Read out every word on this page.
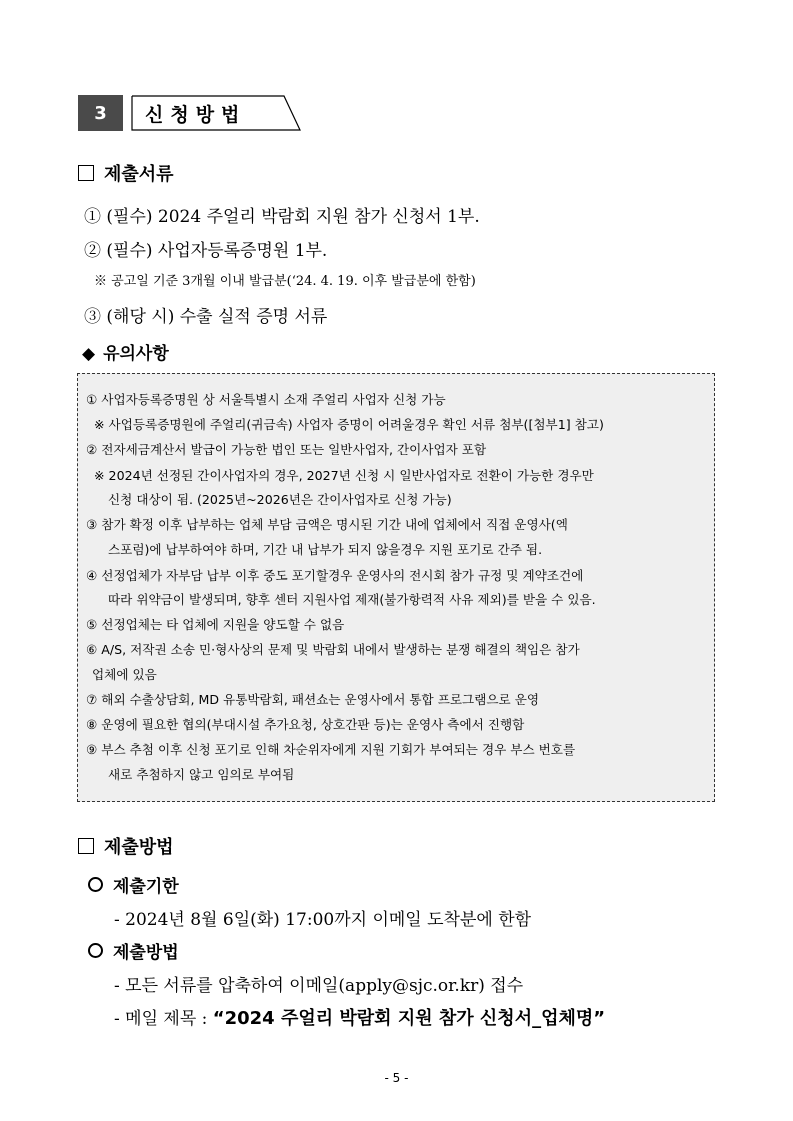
3	신청방법
제출서류
① (필수) 2024 주얼리 박람회 지원 참가 신청서 1부.
② (필수) 사업자등록증명원 1부.
※ 공고일 기준 3개월 이내 발급분(‘24. 4. 19. 이후 발급분에 한함)
③ (해당 시) 수출 실적 증명 서류
◆ 유의사항
① 사업자등록증명원 상 서울특별시 소재 주얼리 사업자 신청 가능
※ 사업등록증명원에 주얼리(귀금속) 사업자 증명이 어려울경우 확인 서류 첨부([첨부1] 참고)
② 전자세금계산서 발급이 가능한 법인 또는 일반사업자, 간이사업자 포함
※ 2024년 선정된 간이사업자의 경우, 2027년 신청 시 일반사업자로 전환이 가능한 경우만
신청 대상이 됨. (2025년~2026년은 간이사업자로 신청 가능)
③ 참가 확정 이후 납부하는 업체 부담 금액은 명시된 기간 내에 업체에서 직접 운영사(엑
스포럼)에 납부하여야 하며, 기간 내 납부가 되지 않을경우 지원 포기로 간주 됨.
④ 선정업체가 자부담 납부 이후 중도 포기할경우 운영사의 전시회 참가 규정 및 계약조건에
따라 위약금이 발생되며, 향후 센터 지원사업 제재(불가항력적 사유 제외)를 받을 수 있음.
⑤ 선정업체는 타 업체에 지원을 양도할 수 없음
⑥ A/S, 저작권 소송 민·형사상의 문제 및 박람회 내에서 발생하는 분쟁 해결의 책임은 참가
업체에 있음
⑦ 해외 수출상담회, MD 유통박람회, 패션쇼는 운영사에서 통합 프로그램으로 운영
⑧ 운영에 필요한 협의(부대시설 추가요청, 상호간판 등)는 운영사 측에서 진행함
⑨ 부스 추첨 이후 신청 포기로 인해 차순위자에게 지원 기회가 부여되는 경우 부스 번호를
새로 추첨하지 않고 임의로 부여됨
제출방법
제출기한
- 2024년 8월 6일(화) 17:00까지 이메일 도착분에 한함
제출방법
- 모든 서류를 압축하여 이메일(apply@sjc.or.kr) 접수
- 메일 제목 : “2024 주얼리 박람회 지원 참가 신청서_업체명”
- 5 -
